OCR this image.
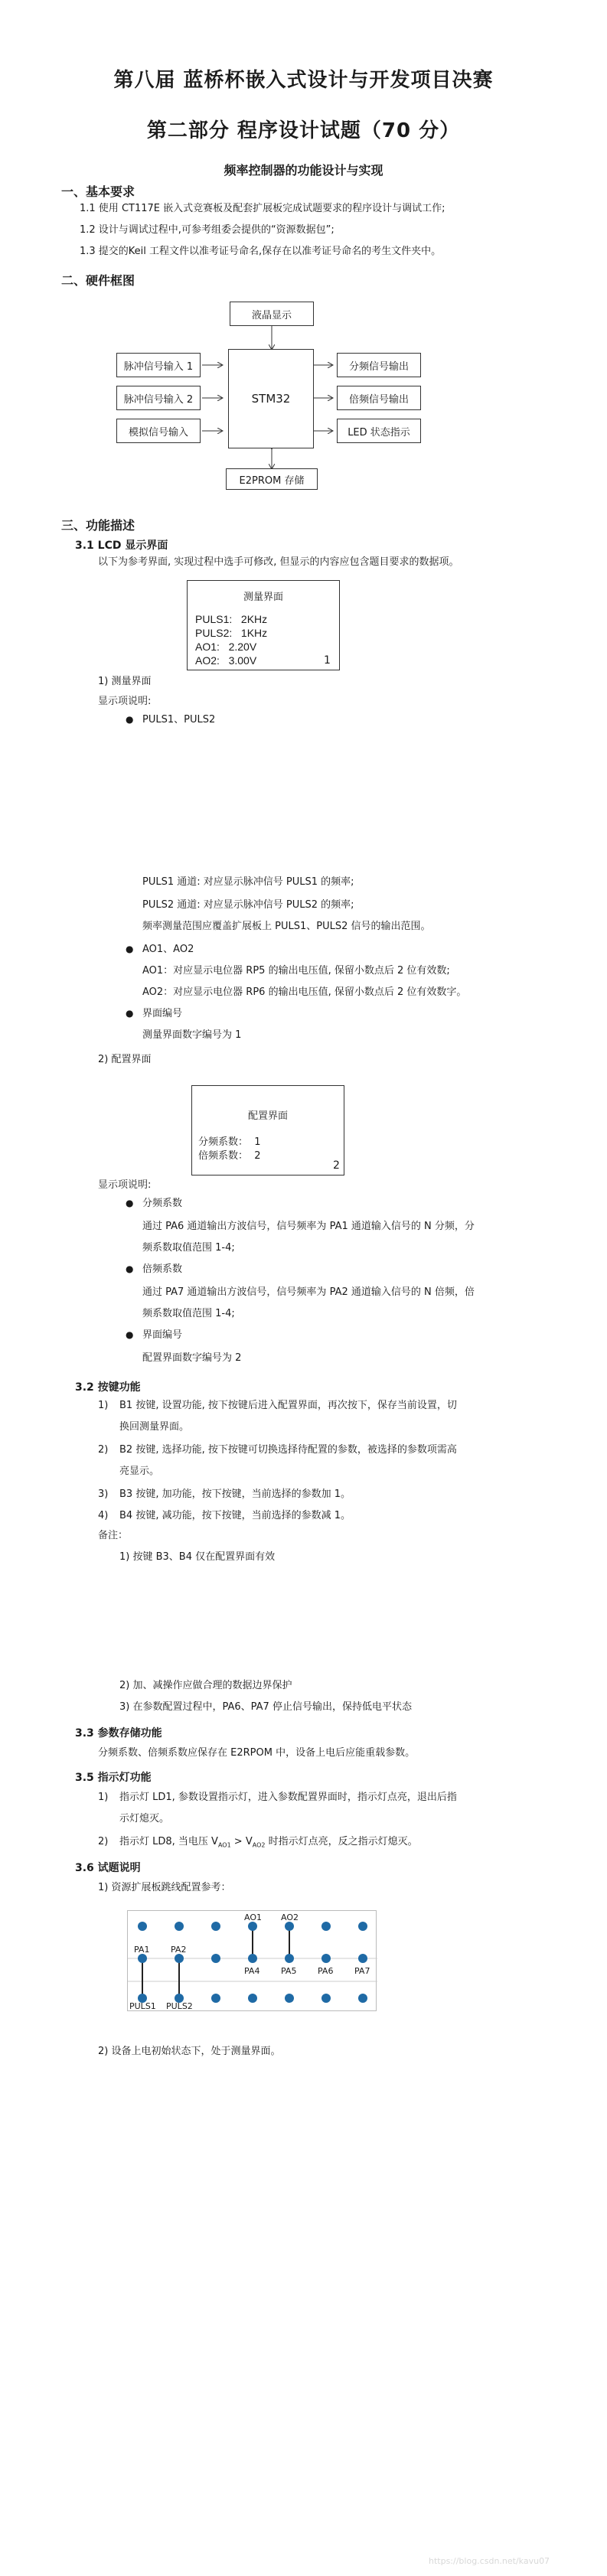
第八届 蓝桥杯嵌入式设计与开发项目决赛
第二部分 程序设计试题（70 分）
频率控制器的功能设计与实现
一、基本要求
1.1 使用 CT117E 嵌入式竞赛板及配套扩展板完成试题要求的程序设计与调试工作;
1.2 设计与调试过程中,可参考组委会提供的“资源数据包”;
1.3 提交的Keil 工程文件以准考证号命名,保存在以准考证号命名的考生文件夹中。
二、硬件框图
液晶显示
脉冲信号输入 1
脉冲信号输入 2
模拟信号输入
STM32
分频信号输出
倍频信号输出
LED 状态指示
E2PROM 存储
三、功能描述
3.1 LCD 显示界面
以下为参考界面, 实现过程中选手可修改, 但显示的内容应包含题目要求的数据项。
测量界面
PULS1:   2KHz
PULS2:   1KHz
AO1:   2.20V
AO2:   3.00V	1
1) 测量界面
显示项说明:
● PULS1、PULS2
PULS1 通道: 对应显示脉冲信号 PULS1 的频率;
PULS2 通道: 对应显示脉冲信号 PULS2 的频率;
频率测量范围应覆盖扩展板上 PULS1、PULS2 信号的输出范围。
● AO1、AO2
AO1：对应显示电位器 RP5 的输出电压值, 保留小数点后 2 位有效数;
AO2：对应显示电位器 RP6 的输出电压值, 保留小数点后 2 位有效数字。
● 界面编号
测量界面数字编号为 1
2) 配置界面
配置界面
分频系数：  1
倍频系数：  2
2
显示项说明:
● 分频系数
通过 PA6 通道输出方波信号，信号频率为 PA1 通道输入信号的 N 分频，分
频系数取值范围 1-4;
● 倍频系数
通过 PA7 通道输出方波信号，信号频率为 PA2 通道输入信号的 N 倍频，倍
频系数取值范围 1-4;
● 界面编号
配置界面数字编号为 2
3.2 按键功能
1) B1 按键, 设置功能, 按下按键后进入配置界面，再次按下，保存当前设置，切
换回测量界面。
2) B2 按键, 选择功能, 按下按键可切换选择待配置的参数，被选择的参数项需高
亮显示。
3) B3 按键, 加功能，按下按键，当前选择的参数加 1。
4) B4 按键, 减功能，按下按键，当前选择的参数减 1。
备注：
1) 按键 B3、B4 仅在配置界面有效
2) 加、减操作应做合理的数据边界保护
3) 在参数配置过程中，PA6、PA7 停止信号输出，保持低电平状态
3.3 参数存储功能
分频系数、倍频系数应保存在 E2RPOM 中，设备上电后应能重载参数。
3.5 指示灯功能
1) 指示灯 LD1, 参数设置指示灯，进入参数配置界面时，指示灯点亮，退出后指
示灯熄灭。
2) 指示灯 LD8, 当电压 $V_{AO1} > V_{AO2}$ 时指示灯点亮，反之指示灯熄灭。
3.6 试题说明
1) 资源扩展板跳线配置参考：
AO1 AO2
PA1	PA2
PA4	PA5	PA6	PA7
PULS1 PULS2
2) 设备上电初始状态下，处于测量界面。
https://blog.csdn.net/kavu07
